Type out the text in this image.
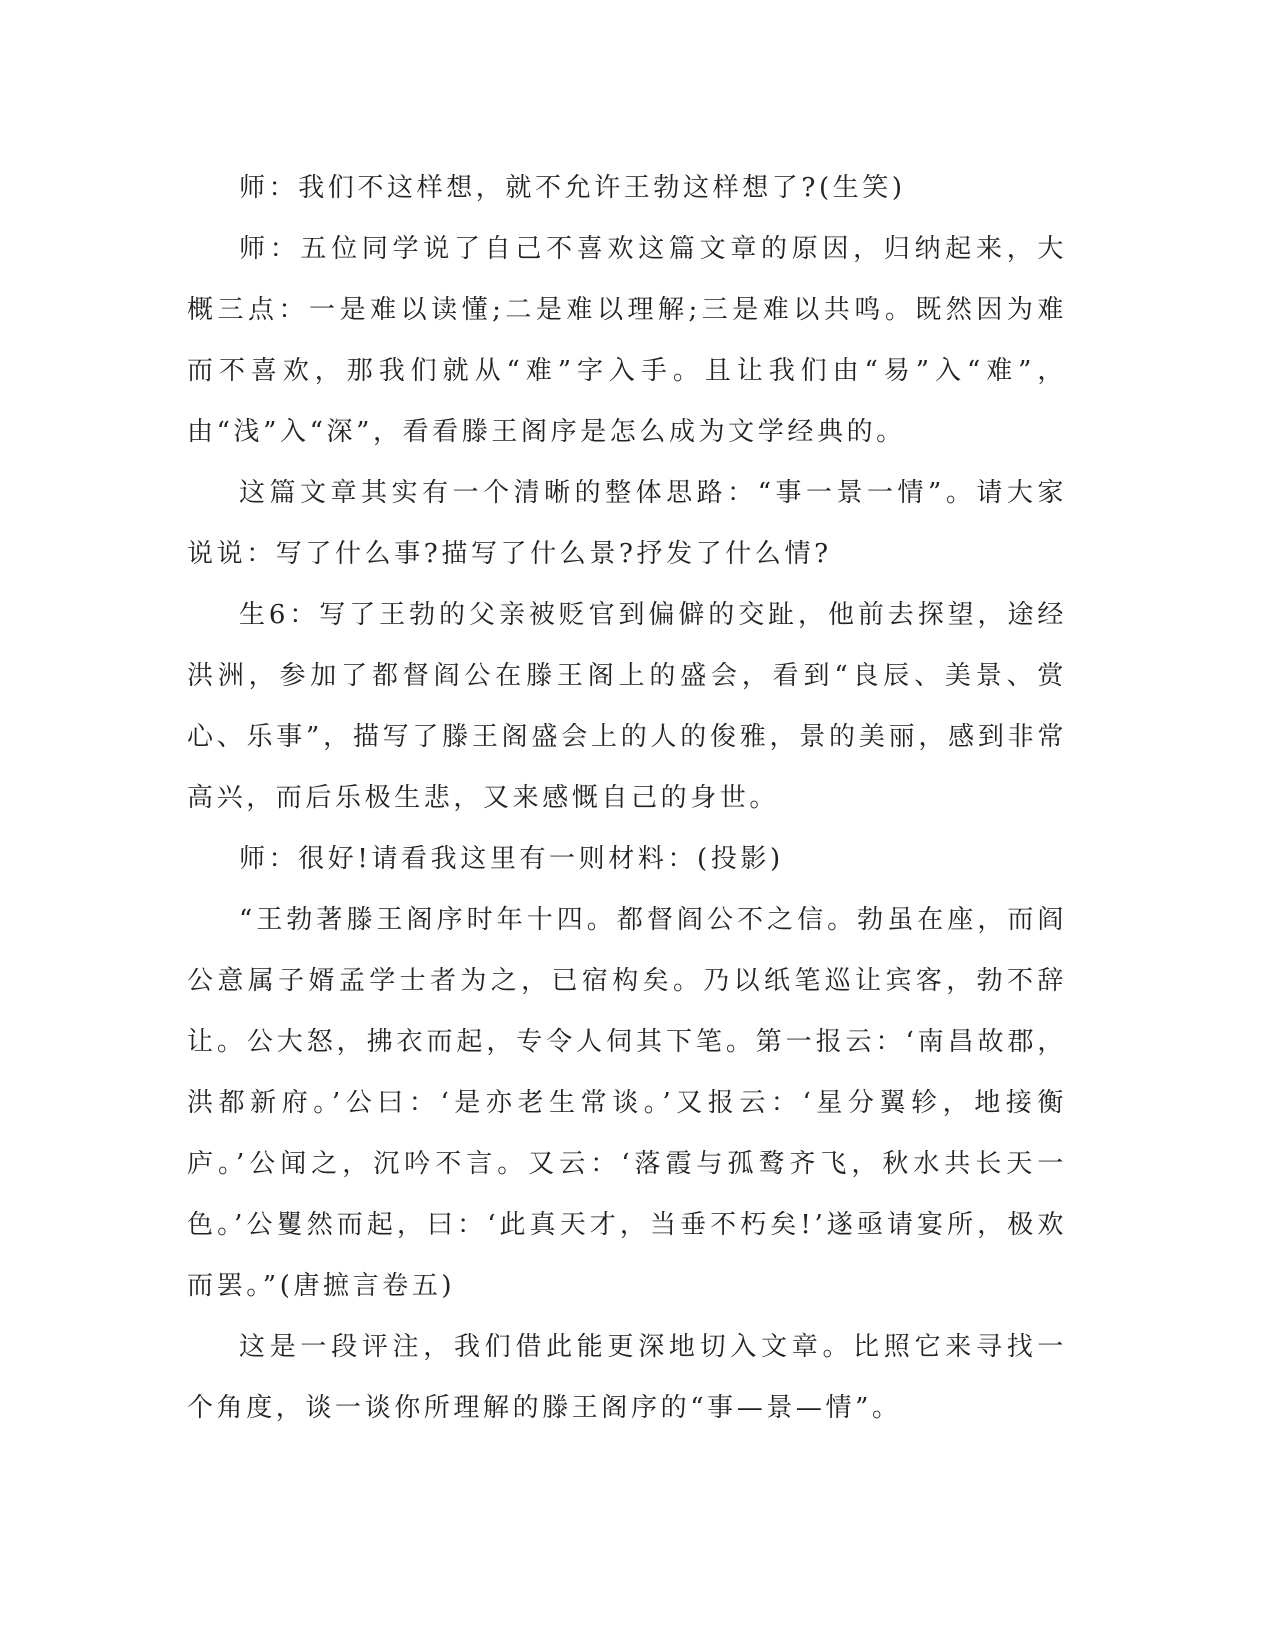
师：我们不这样想，就不允许王勃这样想了?(生笑)

师：五位同学说了自己不喜欢这篇文章的原因，归纳起来，大概三点：一是难以读懂;二是难以理解;三是难以共鸣。既然因为难而不喜欢，那我们就从“难”字入手。且让我们由“易”入“难”，由“浅”入“深”，看看滕王阁序是怎么成为文学经典的。

这篇文章其实有一个清晰的整体思路：“事一景一情”。请大家说说：写了什么事?描写了什么景?抒发了什么情?

生6：写了王勃的父亲被贬官到偏僻的交趾，他前去探望，途经洪洲，参加了都督阎公在滕王阁上的盛会，看到“良辰、美景、赏心、乐事”，描写了滕王阁盛会上的人的俊雅，景的美丽，感到非常高兴，而后乐极生悲，又来感慨自己的身世。

师：很好!请看我这里有一则材料：(投影)

“王勃著滕王阁序时年十四。都督阎公不之信。勃虽在座，而阎公意属子婿孟学士者为之，已宿构矣。乃以纸笔巡让宾客，勃不辞让。公大怒，拂衣而起，专令人伺其下笔。第一报云：‘南昌故郡，洪都新府。’公曰：‘是亦老生常谈。’又报云：‘星分翼轸，地接衡庐。’公闻之，沉吟不言。又云：‘落霞与孤鹜齐飞，秋水共长天一色。’公矍然而起，曰：‘此真天才，当垂不朽矣!’遂亟请宴所，极欢而罢。”(唐摭言卷五)

这是一段评注，我们借此能更深地切入文章。比照它来寻找一个角度，谈一谈你所理解的滕王阁序的“事—景—情”。
